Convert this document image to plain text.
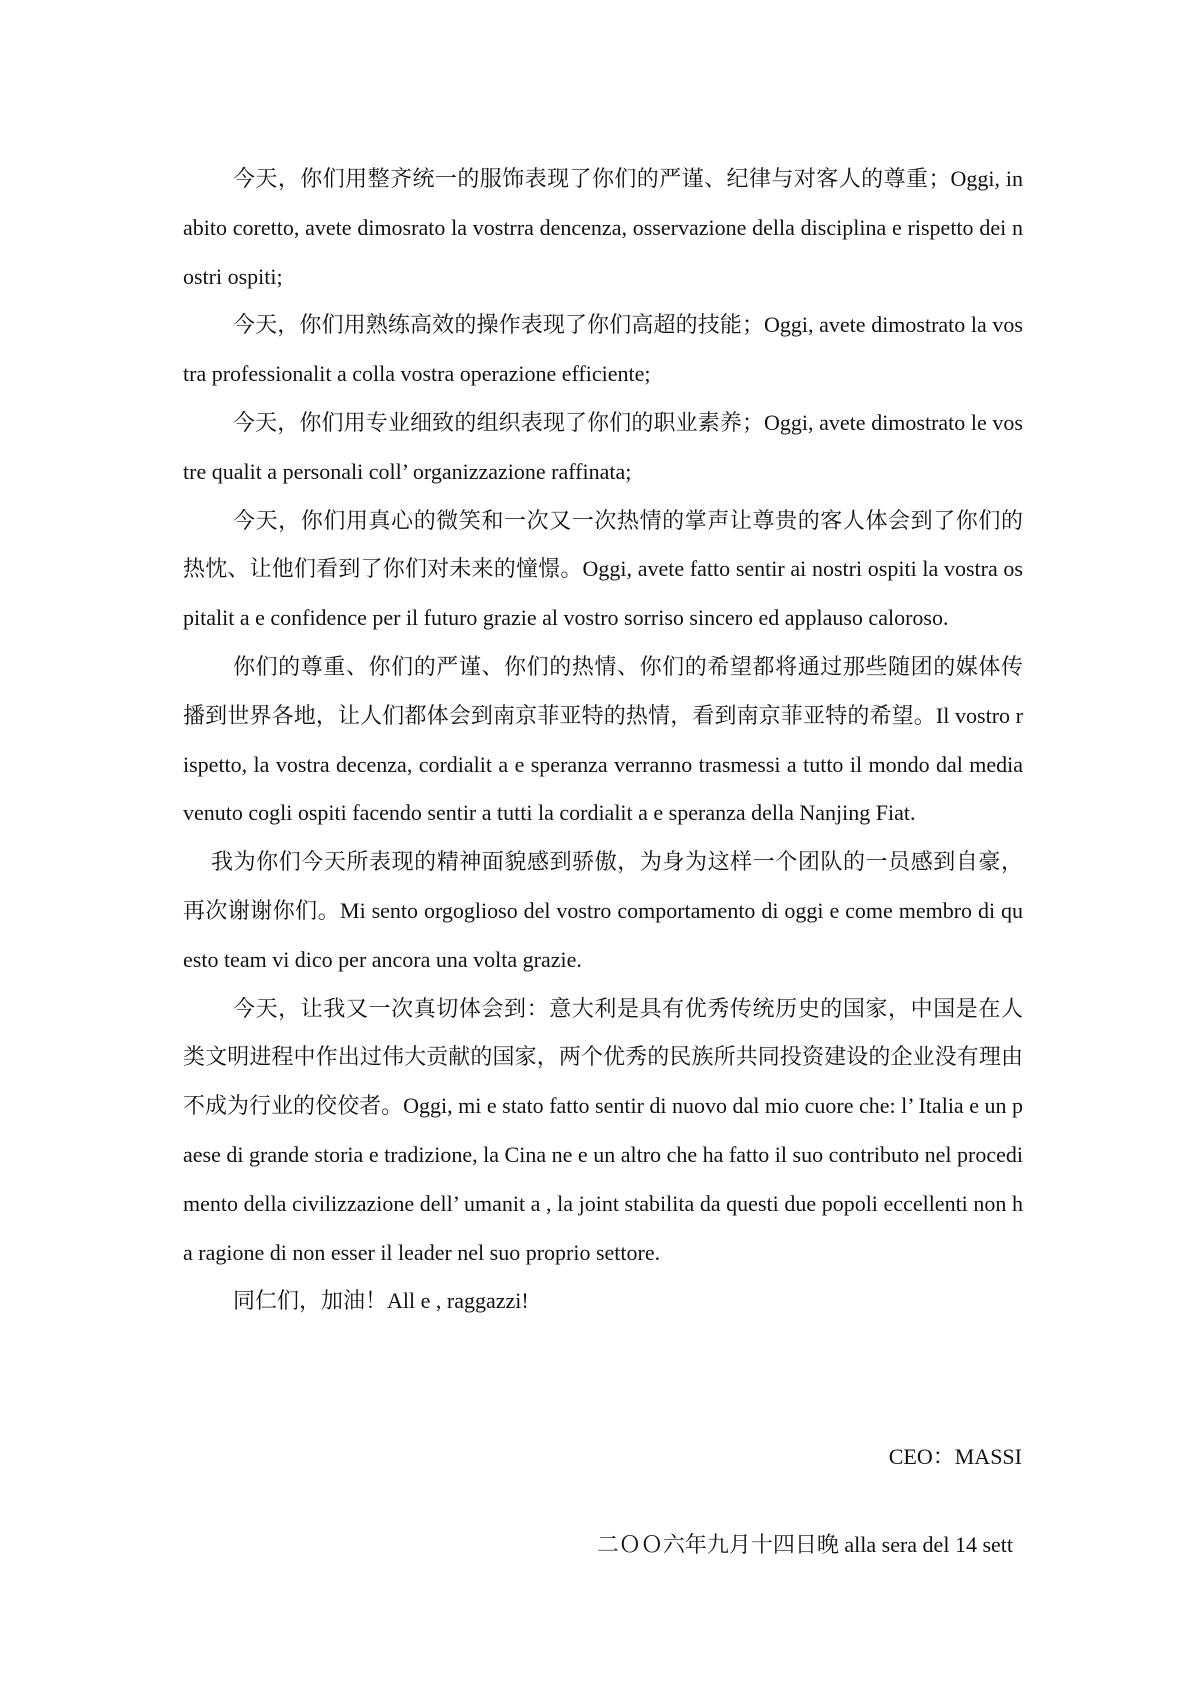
今天，你们用整齐统一的服饰表现了你们的严谨、纪律与对客人的尊重；Oggi, in abito coretto, avete dimosrato la vostrra dencenza, osservazione della disciplina e rispetto dei nostri ospiti;

今天，你们用熟练高效的操作表现了你们高超的技能；Oggi, avete dimostrato la vostra professionalit a colla vostra operazione efficiente;

今天，你们用专业细致的组织表现了你们的职业素养；Oggi, avete dimostrato le vostre qualit a personali coll’ organizzazione raffinata;

今天，你们用真心的微笑和一次又一次热情的掌声让尊贵的客人体会到了你们的热忱、让他们看到了你们对未来的憧憬。Oggi, avete fatto sentir ai nostri ospiti la vostra ospitalit a e confidence per il futuro grazie al vostro sorriso sincero ed applauso caloroso.

你们的尊重、你们的严谨、你们的热情、你们的希望都将通过那些随团的媒体传播到世界各地，让人们都体会到南京菲亚特的热情，看到南京菲亚特的希望。Il vostro rispetto, la vostra decenza, cordialit a e speranza verranno trasmessi a tutto il mondo dal media venuto cogli ospiti facendo sentir a tutti la cordialit a e speranza della Nanjing Fiat.

我为你们今天所表现的精神面貌感到骄傲，为身为这样一个团队的一员感到自豪，再次谢谢你们。Mi sento orgoglioso del vostro comportamento di oggi e come membro di questo team vi dico per ancora una volta grazie.

今天，让我又一次真切体会到：意大利是具有优秀传统历史的国家，中国是在人类文明进程中作出过伟大贡献的国家，两个优秀的民族所共同投资建设的企业没有理由不成为行业的佼佼者。Oggi, mi e stato fatto sentir di nuovo dal mio cuore che: l’ Italia e un paese di grande storia e tradizione, la Cina ne e un altro che ha fatto il suo contributo nel procedimento della civilizzazione dell’ umanit a , la joint stabilita da questi due popoli eccellenti non ha ragione di non esser il leader nel suo proprio settore.

同仁们，加油！All e , raggazzi!

CEO：MASSI
二ＯＯ六年九月十四日晚 alla sera del 14 sett
